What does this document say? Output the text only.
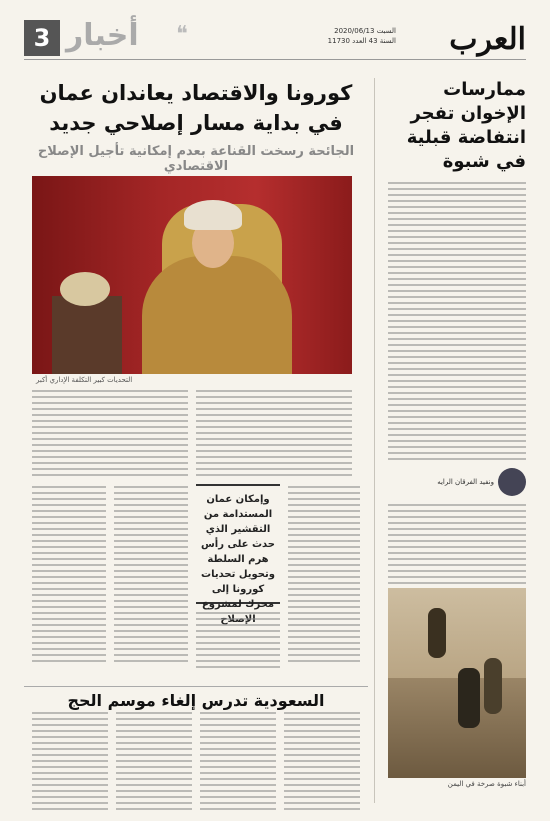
العرب
2020/06/13 السبت
السنة 43 العدد 11730
❝
أخبار
3
ممارسات الإخوان تفجر انتفاضة قبلية في شبوة
ونفيد الفرقان الرايه
أبناء شبوة صرخة في اليمن
كورونا والاقتصاد يعاندان عمان
في بداية مسار إصلاحي جديد
الجائحة رسخت القناعة بعدم إمكانية تأجيل الإصلاح الاقتصادي
التحديات كبير التكلفة الإداري أكبر
وإمكان عمان المستدامة من التقشير الذي حدث على رأس هرم السلطة وتحويل تحديات كورونا إلى محرك لمشروع
السعودية تدرس إلغاء موسم الحج
